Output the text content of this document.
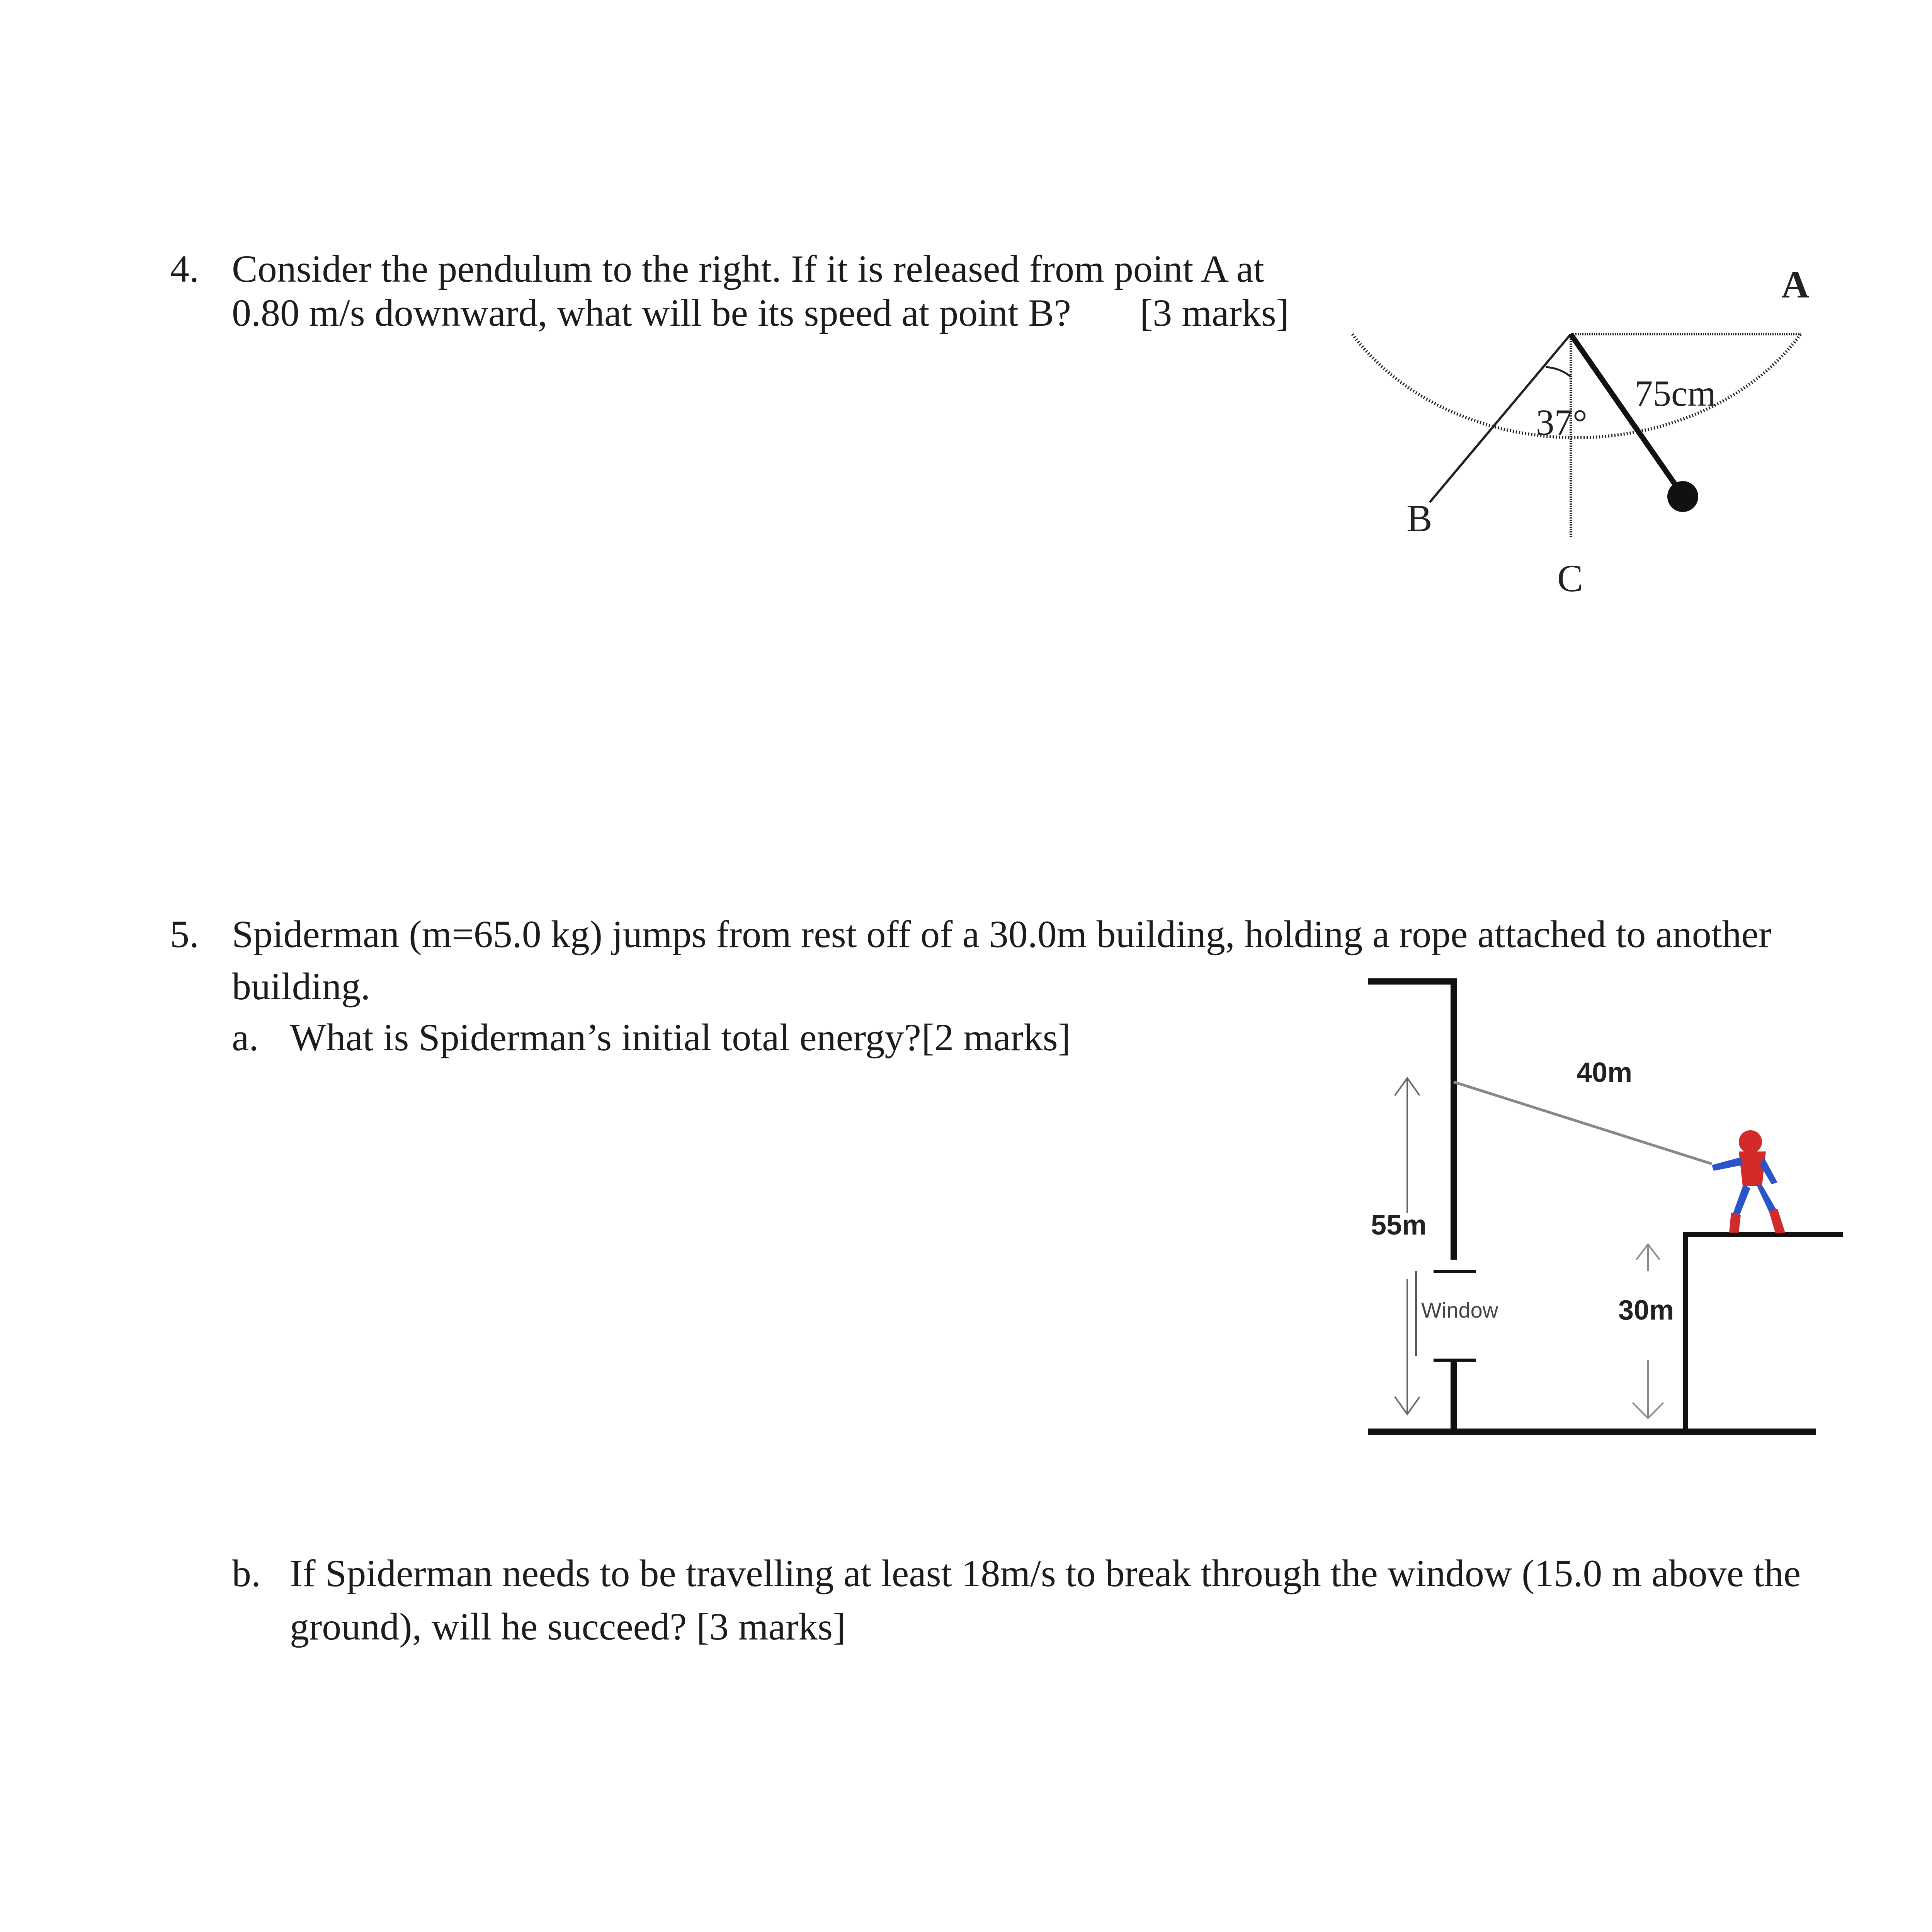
4. Consider the pendulum to the right. If it is released from point A at
0.80 m/s downward, what will be its speed at point B? [3 marks]
37°
75cm
A
B
C
5. Spiderman (m=65.0 kg) jumps from rest off of a 30.0m building, holding a rope attached to another
building.
a. What is Spiderman’s initial total energy? [2 marks]
40m
55m
Window	30m
b. If Spiderman needs to be travelling at least 18m/s to break through the window (15.0 m above the
ground), will he succeed? [3 marks]
